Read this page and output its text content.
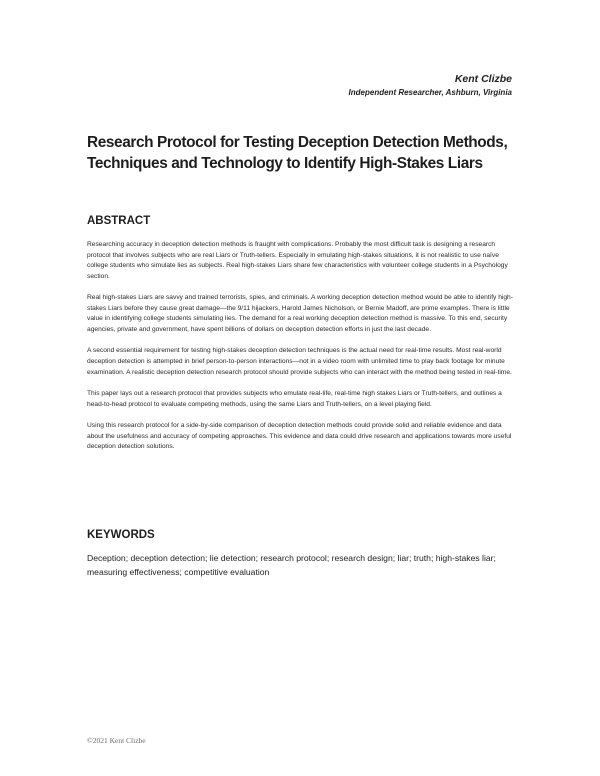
Kent Clizbe
Independent Researcher, Ashburn, Virginia
Research Protocol for Testing Deception Detection Methods, Techniques and Technology to Identify High-Stakes Liars
ABSTRACT

Researching accuracy in deception detection methods is fraught with complications. Probably the most difficult task is designing a research protocol that involves subjects who are real Liars or Truth-tellers. Especially in emulating high-stakes situations, it is not realistic to use naïve college students who simulate lies as subjects. Real high-stakes Liars share few characteristics with volunteer college students in a Psychology section.

Real high-stakes Liars are savvy and trained terrorists, spies, and criminals. A working deception detection method would be able to identify high-stakes Liars before they cause great damage—the 9/11 hijackers, Harold James Nicholson, or Bernie Madoff, are prime examples. There is little value in identifying college students simulating lies. The demand for a real working deception detection method is massive. To this end, security agencies, private and government, have spent billions of dollars on deception detection efforts in just the last decade.

A second essential requirement for testing high-stakes deception detection techniques is the actual need for real-time results. Most real-world deception detection is attempted in brief person-to-person interactions—not in a video room with unlimited time to play back footage for minute examination. A realistic deception detection research protocol should provide subjects who can interact with the method being tested in real-time.

This paper lays out a research protocol that provides subjects who emulate real-life, real-time high stakes Liars or Truth-tellers, and outlines a head-to-head protocol to evaluate competing methods, using the same Liars and Truth-tellers, on a level playing field.

Using this research protocol for a side-by-side comparison of deception detection methods could provide solid and reliable evidence and data about the usefulness and accuracy of competing approaches. This evidence and data could drive research and applications towards more useful deception detection solutions.

KEYWORDS
Deception; deception detection; lie detection; research protocol; research design; liar; truth; high-stakes liar; measuring effectiveness; competitive evaluation
©2021 Kent Clizbe
